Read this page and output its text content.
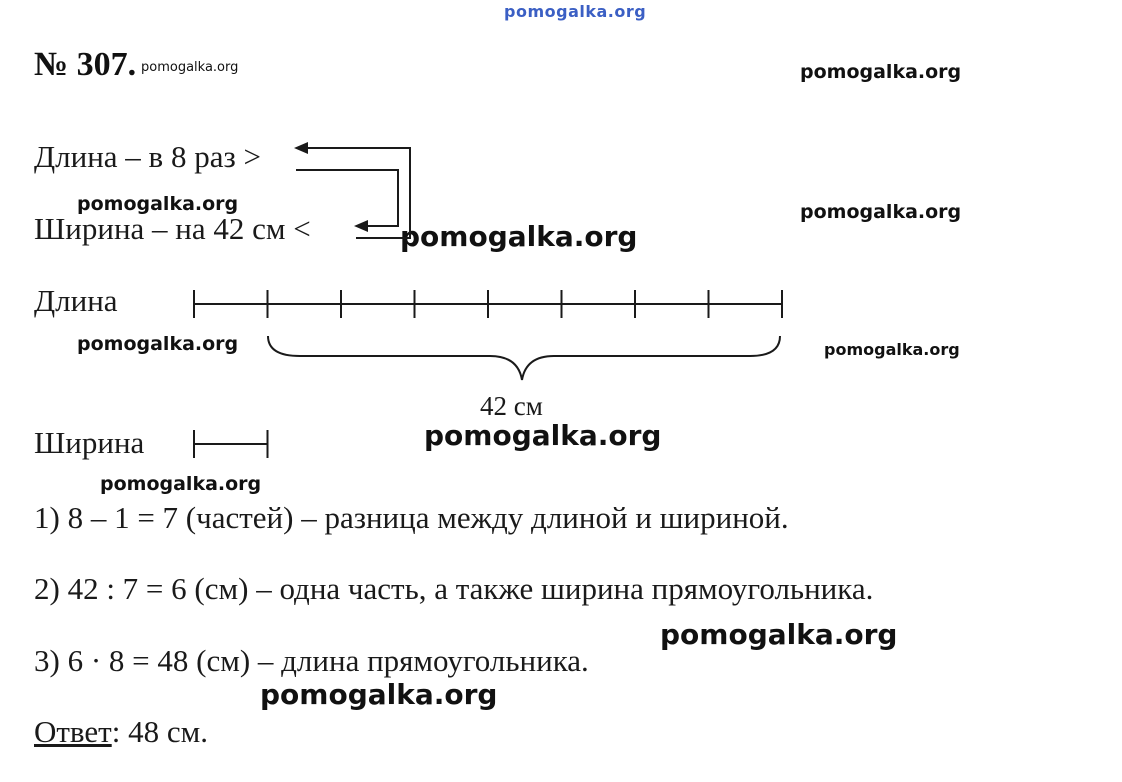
pomogalka.org
№ 307. pomogalka.org	pomogalka.org
Длина – в 8 раз >
pomogalka.org	pomogalka.org
Ширина – на 42 см <	pomogalka.org
Длина
pomogalka.org	pomogalka.org
42 см
Ширина	pomogalka.org
pomogalka.org
1) 8 – 1 = 7 (частей) – разница между длиной и шириной.
2) 42 : 7 = 6 (см) – одна часть, а также ширина прямоугольника.
pomogalka.org
3) 6 · 8 = 48 (см) – длина прямоугольника.
pomogalka.org
Ответ: 48 см.
